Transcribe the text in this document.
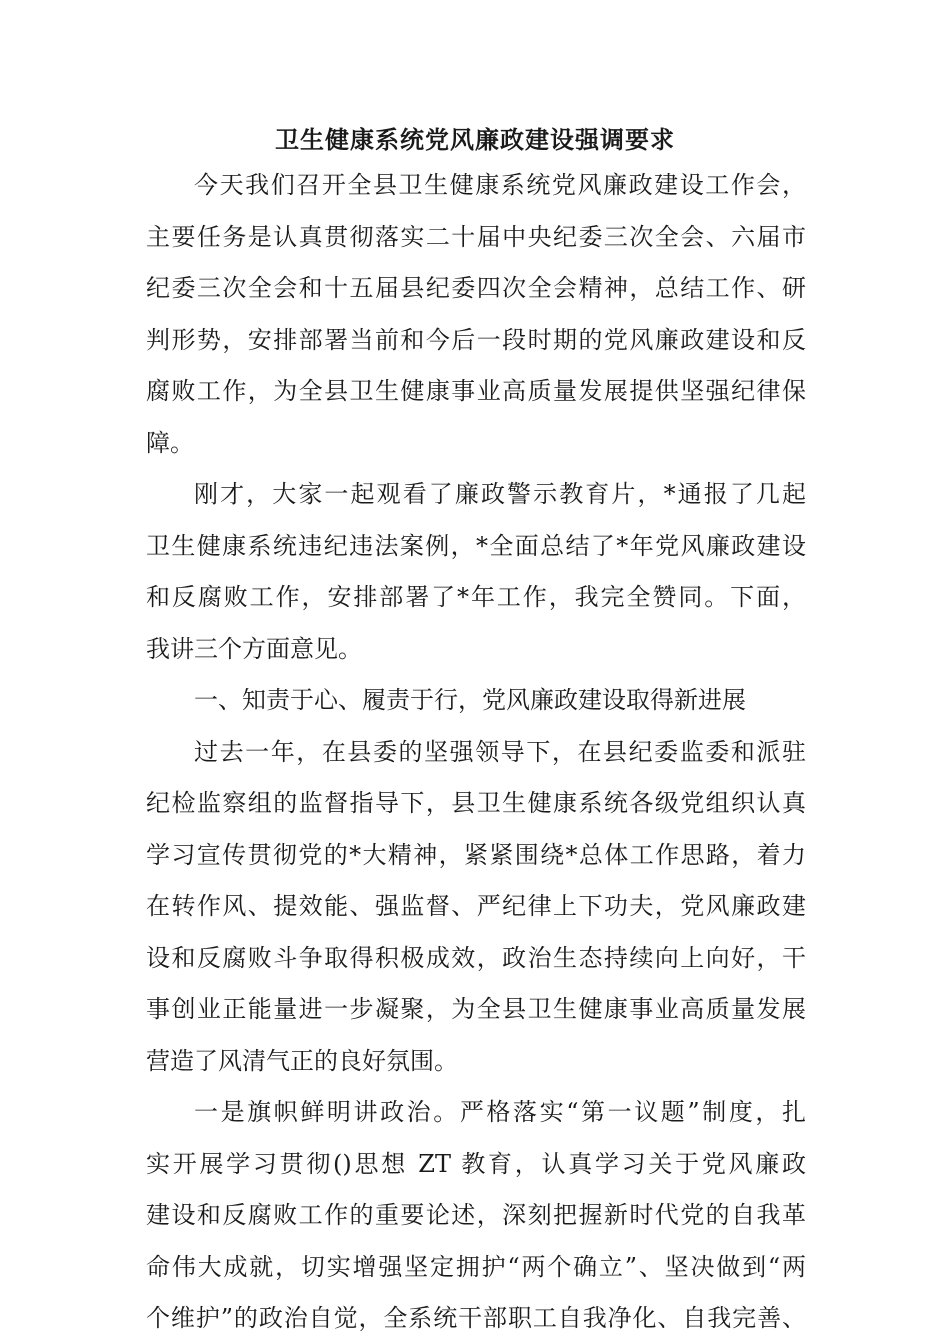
卫生健康系统党风廉政建设强调要求
今天我们召开全县卫生健康系统党风廉政建设工作会，
主要任务是认真贯彻落实二十届中央纪委三次全会、六届市
纪委三次全会和十五届县纪委四次全会精神，总结工作、研
判形势，安排部署当前和今后一段时期的党风廉政建设和反
腐败工作，为全县卫生健康事业高质量发展提供坚强纪律保
障。
刚才，大家一起观看了廉政警示教育片，*通报了几起
卫生健康系统违纪违法案例，*全面总结了*年党风廉政建设
和反腐败工作，安排部署了*年工作，我完全赞同。下面，
我讲三个方面意见。
一、知责于心、履责于行，党风廉政建设取得新进展
过去一年，在县委的坚强领导下，在县纪委监委和派驻
纪检监察组的监督指导下，县卫生健康系统各级党组织认真
学习宣传贯彻党的*大精神，紧紧围绕*总体工作思路，着力
在转作风、提效能、强监督、严纪律上下功夫，党风廉政建
设和反腐败斗争取得积极成效，政治生态持续向上向好，干
事创业正能量进一步凝聚，为全县卫生健康事业高质量发展
营造了风清气正的良好氛围。
一是旗帜鲜明讲政治。严格落实“第一议题”制度，扎
实开展学习贯彻()思想 ZT 教育，认真学习关于党风廉政
建设和反腐败工作的重要论述，深刻把握新时代党的自我革
命伟大成就，切实增强坚定拥护“两个确立”、坚决做到“两
个维护”的政治自觉，全系统干部职工自我净化、自我完善、
